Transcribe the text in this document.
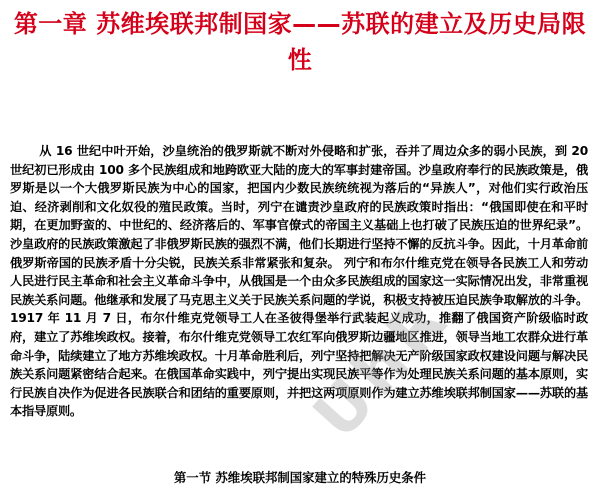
第一章 苏维埃联邦制国家——苏联的建立及历史局限性

从 16 世纪中叶开始，沙皇统治的俄罗斯就不断对外侵略和扩张，吞并了周边众多的弱小民族，到 20 世纪初已形成由 100 多个民族组成和地跨欧亚大陆的庞大的军事封建帝国。沙皇政府奉行的民族政策是，俄罗斯是以一个大俄罗斯民族为中心的国家，把国内少数民族统统视为落后的“异族人”，对他们实行政治压迫、经济剥削和文化奴役的殖民政策。当时，列宁在谴责沙皇政府的民族政策时指出：“俄国即使在和平时期，在更加野蛮的、中世纪的、经济落后的、军事官僚式的帝国主义基础上也打破了民族压迫的世界纪录”。沙皇政府的民族政策激起了非俄罗斯民族的强烈不满，他们长期进行坚持不懈的反抗斗争。因此，十月革命前俄罗斯帝国的民族矛盾十分尖锐，民族关系非常紧张和复杂。 列宁和布尔什维克党在领导各民族工人和劳动人民进行民主革命和社会主义革命斗争中，从俄国是一个由众多民族组成的国家这一实际情况出发，非常重视民族关系问题。他继承和发展了马克思主义关于民族关系问题的学说，积极支持被压迫民族争取解放的斗争。1917 年 11 月 7 日，布尔什维克党领导工人在圣彼得堡举行武装起义成功，推翻了俄国资产阶级临时政府，建立了苏维埃政权。接着，布尔什维克党领导工农红军向俄罗斯边疆地区推进，领导当地工农群众进行革命斗争，陆续建立了地方苏维埃政权。十月革命胜利后，列宁坚持把解决无产阶级国家政权建设问题与解决民族关系问题紧密结合起来。在俄国革命实践中，列宁提出实现民族平等作为处理民族关系问题的基本原则，实行民族自决作为促进各民族联合和团结的重要原则，并把这两项原则作为建立苏维埃联邦制国家——苏联的基本指导原则。

第一节 苏维埃联邦制国家建立的特殊历史条件
UhR
